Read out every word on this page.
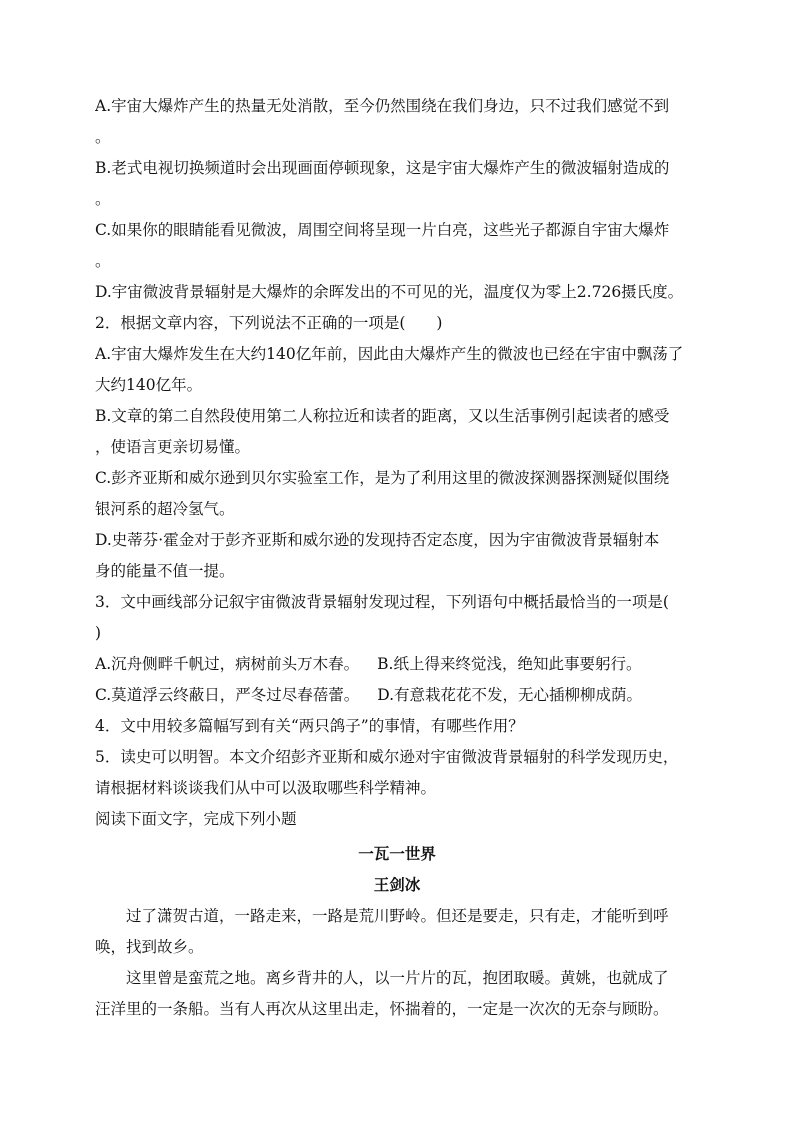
A.宇宙大爆炸产生的热量无处消散，至今仍然围绕在我们身边，只不过我们感觉不到
。
B.老式电视切换频道时会出现画面停顿现象，这是宇宙大爆炸产生的微波辐射造成的
。
C.如果你的眼睛能看见微波，周围空间将呈现一片白亮，这些光子都源自宇宙大爆炸
。
D.宇宙微波背景辐射是大爆炸的余晖发出的不可见的光，温度仅为零上2.726摄氏度。
2．根据文章内容，下列说法不正确的一项是(　　)
A.宇宙大爆炸发生在大约140亿年前，因此由大爆炸产生的微波也已经在宇宙中飘荡了
大约140亿年。
B.文章的第二自然段使用第二人称拉近和读者的距离，又以生活事例引起读者的感受
，使语言更亲切易懂。
C.彭齐亚斯和威尔逊到贝尔实验室工作，是为了利用这里的微波探测器探测疑似围绕
银河系的超冷氢气。
D.史蒂芬·霍金对于彭齐亚斯和威尔逊的发现持否定态度，因为宇宙微波背景辐射本
身的能量不值一提。
3．文中画线部分记叙宇宙微波背景辐射发现过程，下列语句中概括最恰当的一项是(
)
A.沉舟侧畔千帆过，病树前头万木春。 B.纸上得来终觉浅，绝知此事要躬行。
C.莫道浮云终蔽日，严冬过尽春蓓蕾。 D.有意栽花花不发，无心插柳柳成荫。
4．文中用较多篇幅写到有关“两只鸽子”的事情，有哪些作用？
5．读史可以明智。本文介绍彭齐亚斯和威尔逊对宇宙微波背景辐射的科学发现历史，
请根据材料谈谈我们从中可以汲取哪些科学精神。
阅读下面文字，完成下列小题
一瓦一世界
王剑冰
过了潇贺古道，一路走来，一路是荒川野岭。但还是要走，只有走，才能听到呼
唤，找到故乡。
这里曾是蛮荒之地。离乡背井的人，以一片片的瓦，抱团取暖。黄姚，也就成了
汪洋里的一条船。当有人再次从这里出走，怀揣着的，一定是一次次的无奈与顾盼。
